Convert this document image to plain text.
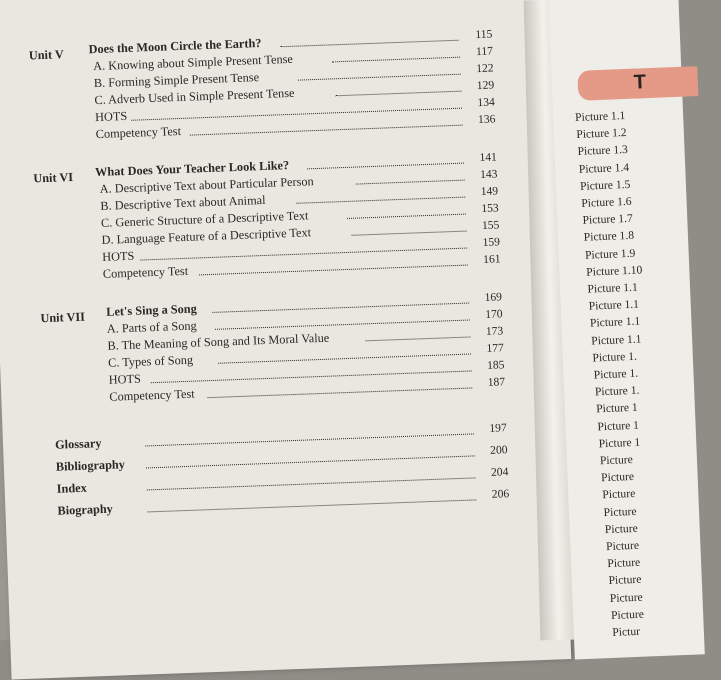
Unit V Does the Moon Circle the Earth?
115
A. Knowing about Simple Present Tense
117
B. Forming Simple Present Tense
122
C. Adverb Used in Simple Present Tense
129
HOTS
134
Competency Test
136
Unit VI What Does Your Teacher Look Like?
141
A. Descriptive Text about Particular Person	143
B. Descriptive Text about Animal
149
C. Generic Structure of a Descriptive Text
153
D. Language Feature of a Descriptive Text
155
HOTS
159
Competency Test
161
Unit VII Let's Sing a Song
169
A. Parts of a Song
170
B. The Meaning of Song and Its Moral Value	173
C. Types of Song
177
HOTS
185
Competency Test
187
Glossary
197
Bibliography
200
Index
204
Biography
206
T
Picture 1.1
Picture 1.2
Picture 1.3
Picture 1.4
Picture 1.5
Picture 1.6
Picture 1.7
Picture 1.8
Picture 1.9
Picture 1.10
Picture 1.1
Picture 1.1
Picture 1.1
Picture 1.1
Picture 1.
Picture 1.
Picture 1.
Picture 1
Picture 1
Picture 1
Picture
Picture
Picture
Picture
Picture
Picture
Picture
Picture
Picture
Picture
Pictur
